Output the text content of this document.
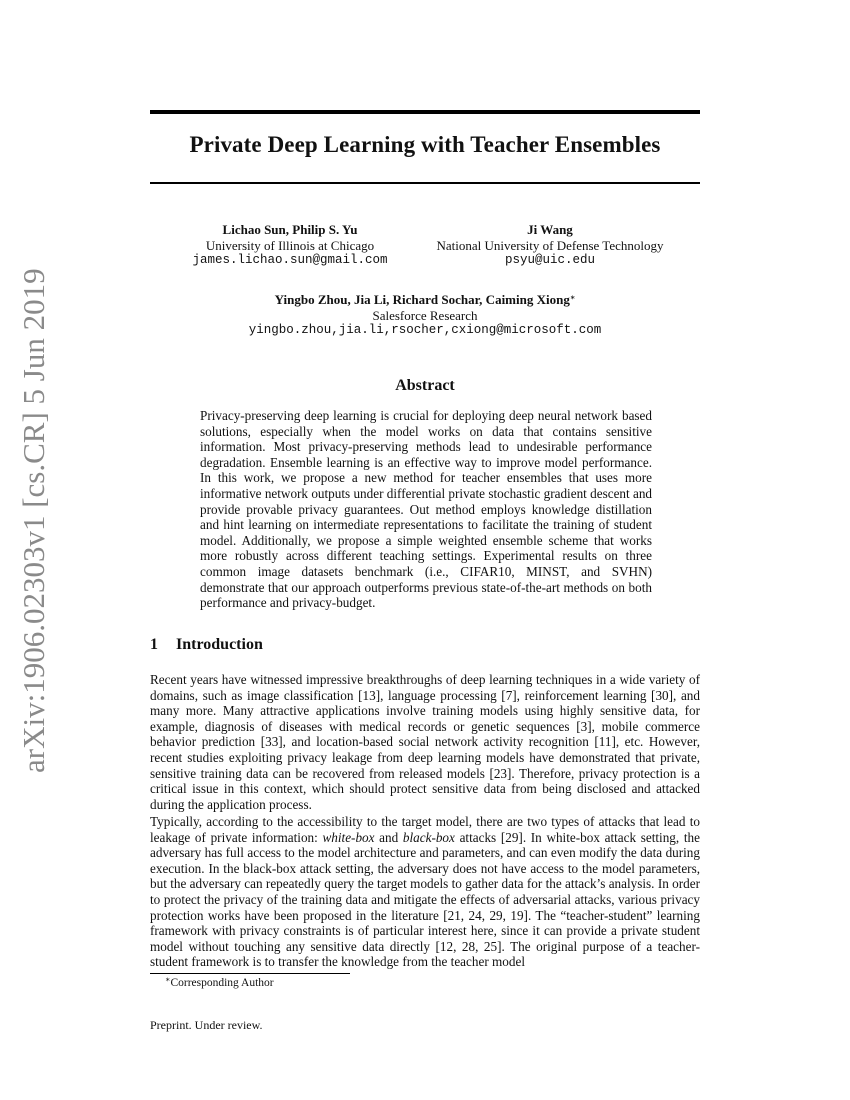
arXiv:1906.02303v1 [cs.CR] 5 Jun 2019
Private Deep Learning with Teacher Ensembles
Lichao Sun, Philip S. Yu
University of Illinois at Chicago
james.lichao.sun@gmail.com
Ji Wang
National University of Defense Technology
psyu@uic.edu
Yingbo Zhou, Jia Li, Richard Sochar, Caiming Xiong∗
Salesforce Research
yingbo.zhou,jia.li,rsocher,cxiong@microsoft.com
Abstract
Privacy-preserving deep learning is crucial for deploying deep neural network based solutions, especially when the model works on data that contains sensitive information. Most privacy-preserving methods lead to undesirable performance degradation. Ensemble learning is an effective way to improve model performance. In this work, we propose a new method for teacher ensembles that uses more informative network outputs under differential private stochastic gradient descent and provide provable privacy guarantees. Out method employs knowledge distillation and hint learning on intermediate representations to facilitate the training of student model. Additionally, we propose a simple weighted ensemble scheme that works more robustly across different teaching settings. Experimental results on three common image datasets benchmark (i.e., CIFAR10, MINST, and SVHN) demonstrate that our approach outperforms previous state-of-the-art methods on both performance and privacy-budget.
1 Introduction
Recent years have witnessed impressive breakthroughs of deep learning techniques in a wide variety of domains, such as image classification [13], language processing [7], reinforcement learning [30], and many more. Many attractive applications involve training models using highly sensitive data, for example, diagnosis of diseases with medical records or genetic sequences [3], mobile commerce behavior prediction [33], and location-based social network activity recognition [11], etc. However, recent studies exploiting privacy leakage from deep learning models have demonstrated that private, sensitive training data can be recovered from released models [23]. Therefore, privacy protection is a critical issue in this context, which should protect sensitive data from being disclosed and attacked during the application process.
Typically, according to the accessibility to the target model, there are two types of attacks that lead to leakage of private information: white-box and black-box attacks [29]. In white-box attack setting, the adversary has full access to the model architecture and parameters, and can even modify the data during execution. In the black-box attack setting, the adversary does not have access to the model parameters, but the adversary can repeatedly query the target models to gather data for the attack’s analysis. In order to protect the privacy of the training data and mitigate the effects of adversarial attacks, various privacy protection works have been proposed in the literature [21, 24, 29, 19]. The “teacher-student” learning framework with privacy constraints is of particular interest here, since it can provide a private student model without touching any sensitive data directly [12, 28, 25]. The original purpose of a teacher-student framework is to transfer the knowledge from the teacher model
∗Corresponding Author
Preprint. Under review.
